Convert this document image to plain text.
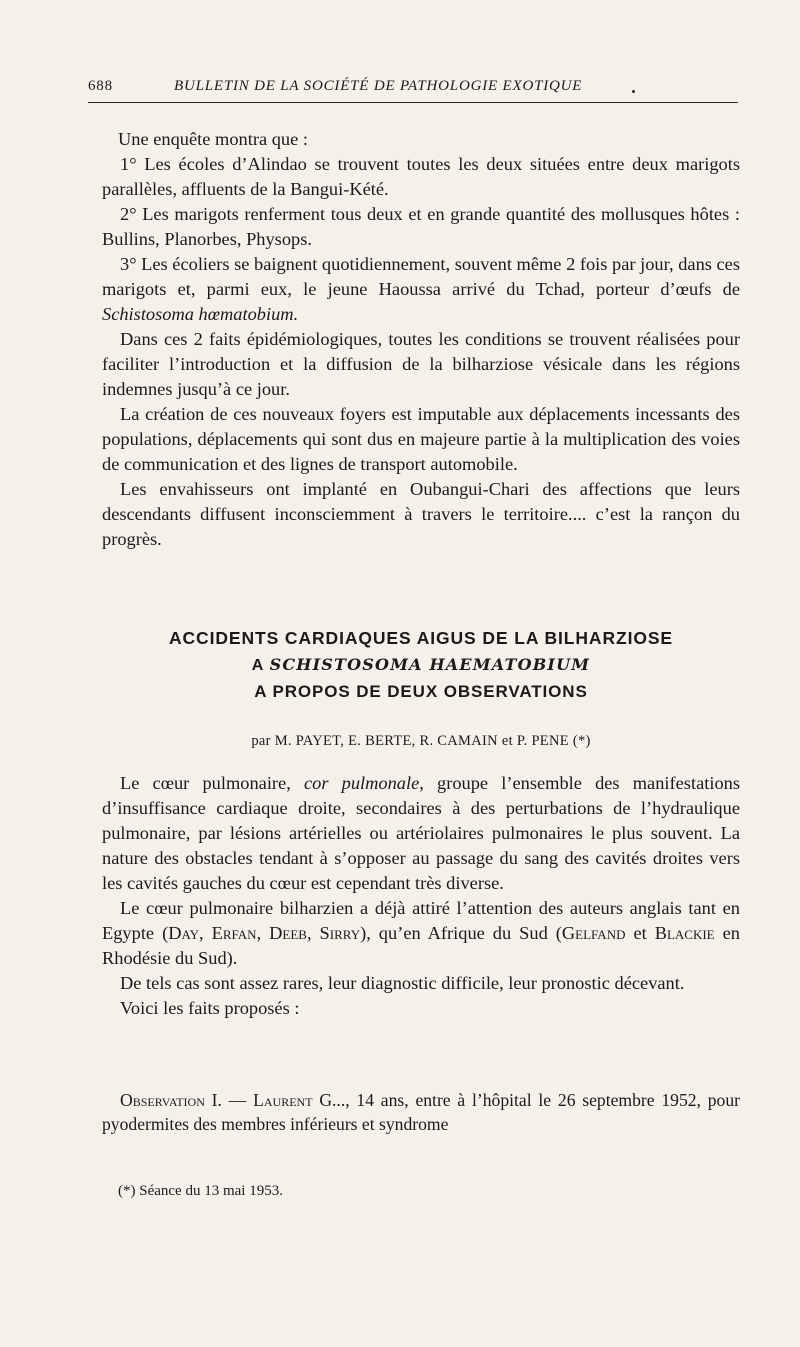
688	BULLETIN DE LA SOCIÉTÉ DE PATHOLOGIE EXOTIQUE

Une enquête montra que :

1° Les écoles d’Alindao se trouvent toutes les deux situées entre deux marigots parallèles, affluents de la Bangui-Kété.

2° Les marigots renferment tous deux et en grande quantité des mollusques hôtes : Bullins, Planorbes, Physops.

3° Les écoliers se baignent quotidiennement, souvent même 2 fois par jour, dans ces marigots et, parmi eux, le jeune Haoussa arrivé du Tchad, porteur d’œufs de Schistosoma hœmatobium.

Dans ces 2 faits épidémiologiques, toutes les conditions se trouvent réalisées pour faciliter l’introduction et la diffusion de la bilharziose vésicale dans les régions indemnes jusqu’à ce jour.

La création de ces nouveaux foyers est imputable aux déplacements incessants des populations, déplacements qui sont dus en majeure partie à la multiplication des voies de communication et des lignes de transport automobile.

Les envahisseurs ont implanté en Oubangui-Chari des affections que leurs descendants diffusent inconsciemment à travers le territoire.... c’est la rançon du progrès.

ACCIDENTS CARDIAQUES AIGUS DE LA BILHARZIOSE
A SCHISTOSOMA HAEMATOBIUM
A PROPOS DE DEUX OBSERVATIONS
par M. PAYET, E. BERTE, R. CAMAIN et P. PENE (*)

Le cœur pulmonaire, cor pulmonale, groupe l’ensemble des manifestations d’insuffisance cardiaque droite, secondaires à des perturbations de l’hydraulique pulmonaire, par lésions artérielles ou artériolaires pulmonaires le plus souvent. La nature des obstacles tendant à s’opposer au passage du sang des cavités droites vers les cavités gauches du cœur est cependant très diverse.

Le cœur pulmonaire bilharzien a déjà attiré l’attention des auteurs anglais tant en Egypte (Day, Erfan, Deeb, Sirry), qu’en Afrique du Sud (Gelfand et Blackie en Rhodésie du Sud).

De tels cas sont assez rares, leur diagnostic difficile, leur pronostic décevant.

Voici les faits proposés :

Observation I. — Laurent G..., 14 ans, entre à l’hôpital le 26 septembre 1952, pour pyodermites des membres inférieurs et syndrome

(*) Séance du 13 mai 1953.
